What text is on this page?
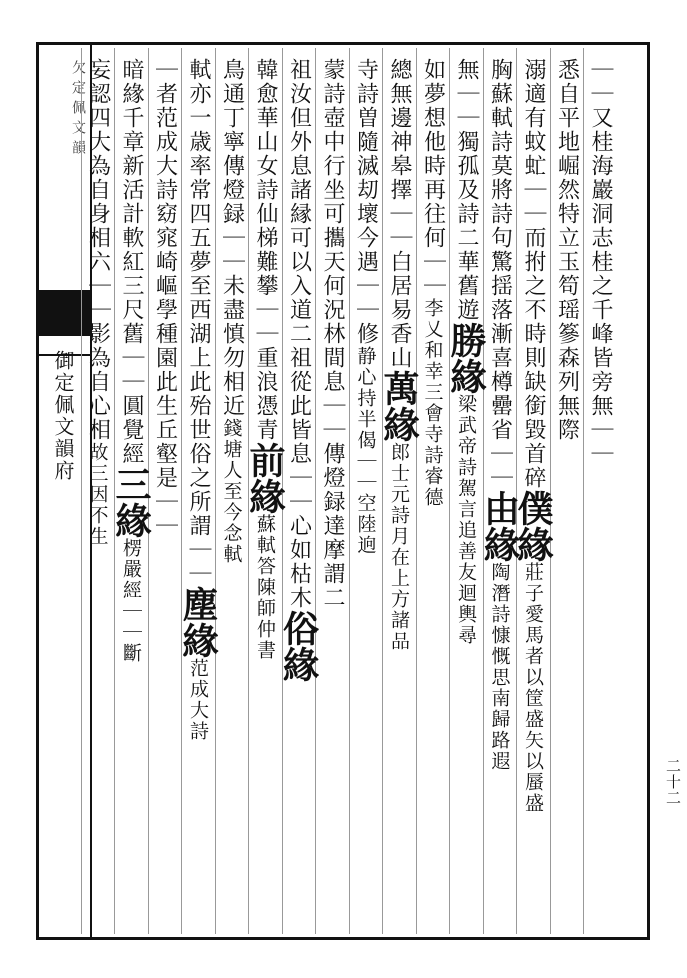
欠定佩文韻
御定佩文韻府	｜｜又桂海巖洞志桂之千峰皆旁無｜｜
悉自平地崛然特立玉笱瑶篸森列無際
溺適有蚊虻｜｜而拊之不時則缺銜毀首碎僕緣莊子愛馬者以筐盛矢以蜃盛
胸蘇軾詩莫將詩句驚揺落漸喜樽罍省｜｜由緣陶潛詩慷慨思南歸路遐
無｜｜獨孤及詩二華舊遊勝緣梁武帝詩駕言追善友迴輿尋
如夢想他時再往何｜｜李乂和幸三會寺詩睿德
總無邊神皋擇｜｜白居易香山萬緣郎士元詩月在上方諸品
寺詩曽隨滅刧壞今遇｜｜修静心持半偈｜｜空陸逈
蒙詩壺中行坐可攜天何況林間息｜｜傳燈録達摩謂二
祖汝但外息諸縁可以入道二祖從此皆息｜｜心如枯木俗緣
韓愈華山女詩仙梯難攀｜｜重浪憑青前緣蘇軾答陳師仲書
鳥通丁寧傳燈録｜｜未盡慎勿相近錢塘人至今念軾
軾亦一歳率常四五夢至西湖上此殆世俗之所謂｜｜塵緣范成大詩
｜者范成大詩窈窕崎嶇學種園此生丘壑是｜｜
暗緣千章新活計軟紅三尺舊｜｜圓覺經三緣楞嚴經｜｜斷
妄認四大為自身相六｜｜影為自心相故三因不生
二十二
